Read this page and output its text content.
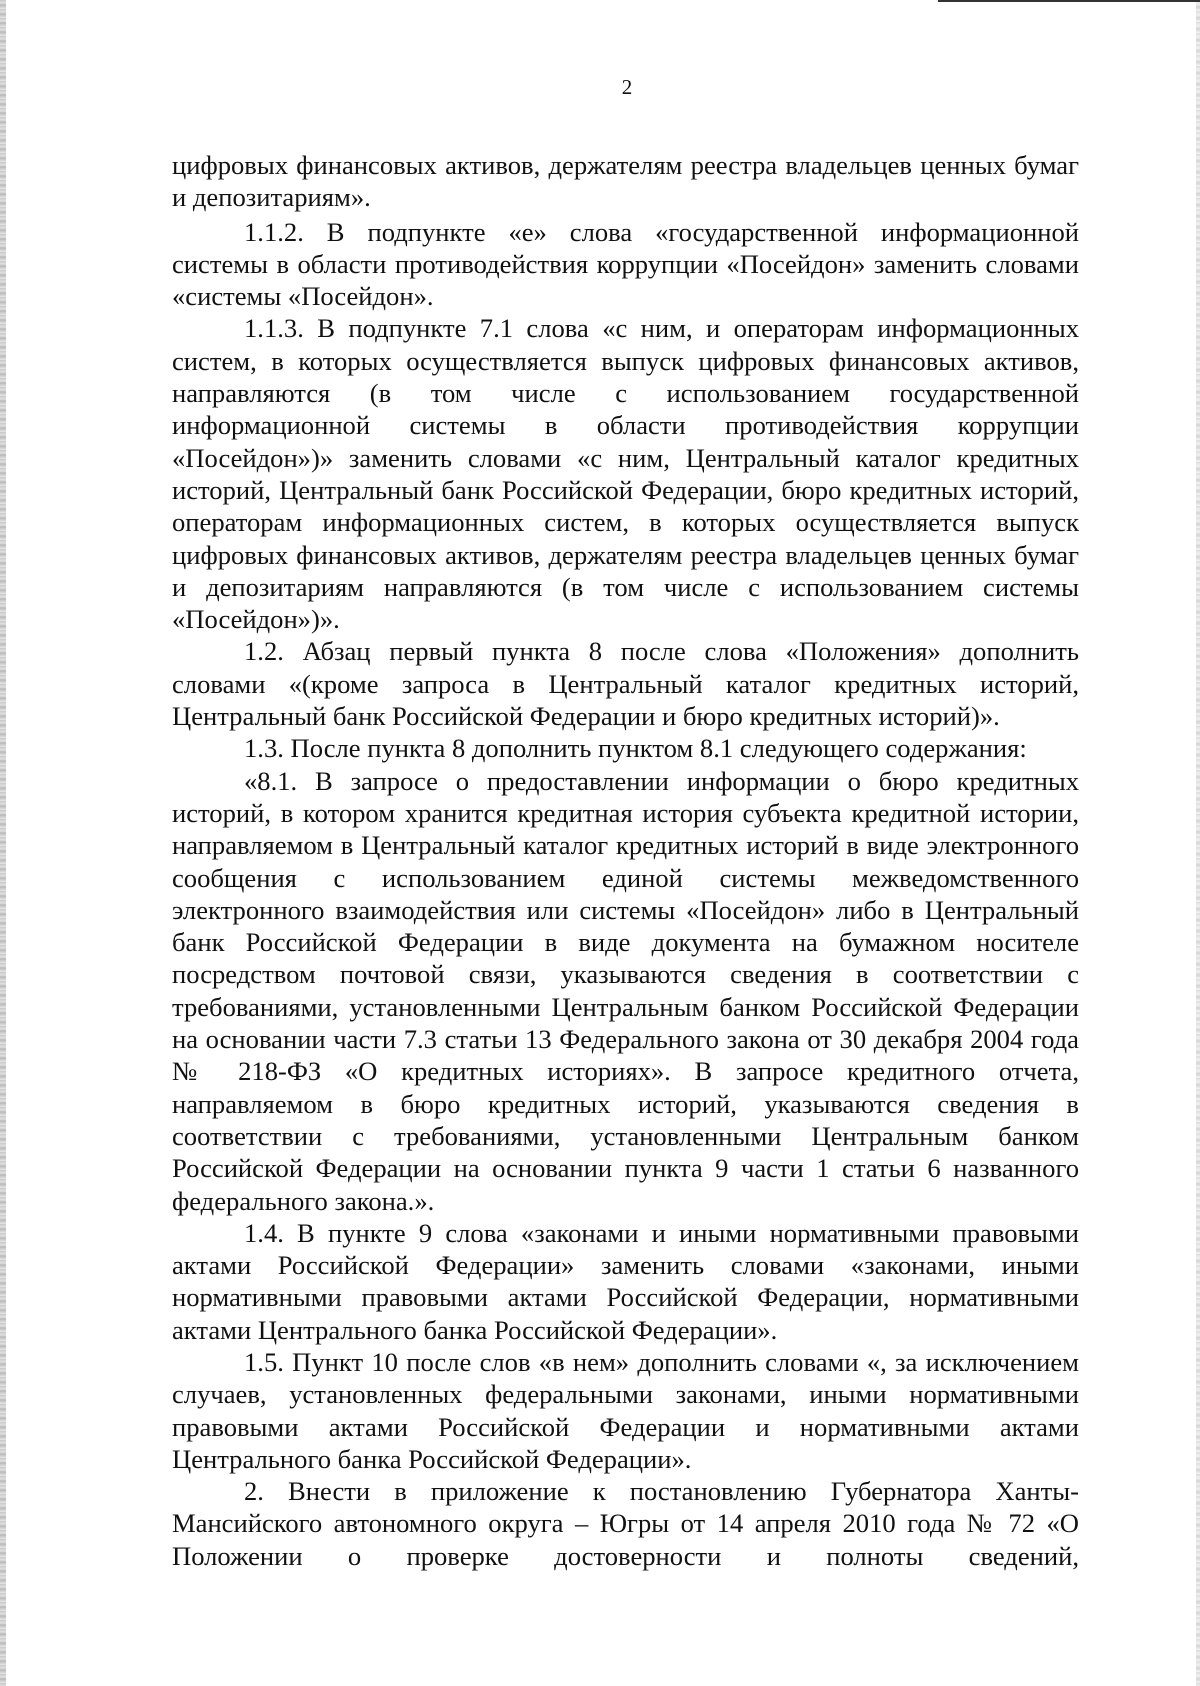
2

цифровых финансовых активов, держателям реестра владельцев ценных бумаг и депозитариям».

1.1.2. В подпункте «е» слова «государственной информационной системы в области противодействия коррупции «Посейдон» заменить словами «системы «Посейдон».

1.1.3. В подпункте 7.1 слова «с ним, и операторам информационных систем, в которых осуществляется выпуск цифровых финансовых активов, направляются (в том числе с использованием государственной информационной системы в области противодействия коррупции «Посейдон»)» заменить словами «с ним, Центральный каталог кредитных историй, Центральный банк Российской Федерации, бюро кредитных историй, операторам информационных систем, в которых осуществляется выпуск цифровых финансовых активов, держателям реестра владельцев ценных бумаг и депозитариям направляются (в том числе с использованием системы «Посейдон»)».

1.2. Абзац первый пункта 8 после слова «Положения» дополнить словами «(кроме запроса в Центральный каталог кредитных историй, Центральный банк Российской Федерации и бюро кредитных историй)».

1.3. После пункта 8 дополнить пунктом 8.1 следующего содержания:

«8.1. В запросе о предоставлении информации о бюро кредитных историй, в котором хранится кредитная история субъекта кредитной истории, направляемом в Центральный каталог кредитных историй в виде электронного сообщения с использованием единой системы межведомственного электронного взаимодействия или системы «Посейдон» либо в Центральный банк Российской Федерации в виде документа на бумажном носителе посредством почтовой связи, указываются сведения в соответствии с требованиями, установленными Центральным банком Российской Федерации на основании части 7.3 статьи 13 Федерального закона от 30 декабря 2004 года № 218-ФЗ «О кредитных историях». В запросе кредитного отчета, направляемом в бюро кредитных историй, указываются сведения в соответствии с требованиями, установленными Центральным банком Российской Федерации на основании пункта 9 части 1 статьи 6 названного федерального закона.».

1.4. В пункте 9 слова «законами и иными нормативными правовыми актами Российской Федерации» заменить словами «законами, иными нормативными правовыми актами Российской Федерации, нормативными актами Центрального банка Российской Федерации».

1.5. Пункт 10 после слов «в нем» дополнить словами «, за исключением случаев, установленных федеральными законами, иными нормативными правовыми актами Российской Федерации и нормативными актами Центрального банка Российской Федерации».

2. Внести в приложение к постановлению Губернатора Ханты-Мансийского автономного округа – Югры от 14 апреля 2010 года № 72 «О Положении о проверке достоверности и полноты сведений,
